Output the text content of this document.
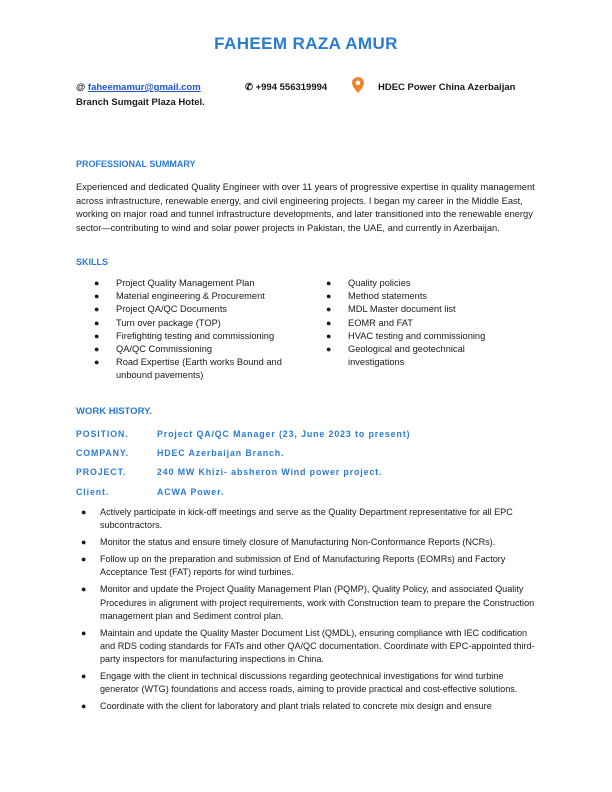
FAHEEM RAZA AMUR
@ faheemamur@gmail.com	✆ +994 556319994	HDEC Power China Azerbaijan
Branch Sumgait Plaza Hotel.
PROFESSIONAL SUMMARY
Experienced and dedicated Quality Engineer with over 11 years of progressive expertise in quality management across infrastructure, renewable energy, and civil engineering projects. I began my career in the Middle East, working on major road and tunnel infrastructure developments, and later transitioned into the renewable energy sector—contributing to wind and solar power projects in Pakistan, the UAE, and currently in Azerbaijan.
SKILLS
● Project Quality Management Plan
● Material engineering & Procurement
● Project QA/QC Documents
● Turn over package (TOP)
● Firefighting testing and commissioning
● QA/QC Commissioning
● Road Expertise (Earth works Bound and unbound pavements)
● Quality policies
● Method statements
● MDL Master document list
● EOMR and FAT
● HVAC testing and commissioning
● Geological and geotechnical investigations
WORK HISTORY.
POSITION.	Project QA/QC Manager (23, June 2023 to present)
COMPANY.	HDEC Azerbaijan Branch.
PROJECT.	240 MW Khizi- absheron Wind power project.
Client.	ACWA Power.
● Actively participate in kick-off meetings and serve as the Quality Department representative for all EPC subcontractors.
● Monitor the status and ensure timely closure of Manufacturing Non-Conformance Reports (NCRs).
● Follow up on the preparation and submission of End of Manufacturing Reports (EOMRs) and Factory Acceptance Test (FAT) reports for wind turbines.
● Monitor and update the Project Quality Management Plan (PQMP), Quality Policy, and associated Quality Procedures in alignment with project requirements, work with Construction team to prepare the Construction management plan and Sediment control plan.
● Maintain and update the Quality Master Document List (QMDL), ensuring compliance with IEC codification and RDS coding standards for FATs and other QA/QC documentation. Coordinate with EPC-appointed third-party inspectors for manufacturing inspections in China.
● Engage with the client in technical discussions regarding geotechnical investigations for wind turbine generator (WTG) foundations and access roads, aiming to provide practical and cost-effective solutions.
● Coordinate with the client for laboratory and plant trials related to concrete mix design and ensure
